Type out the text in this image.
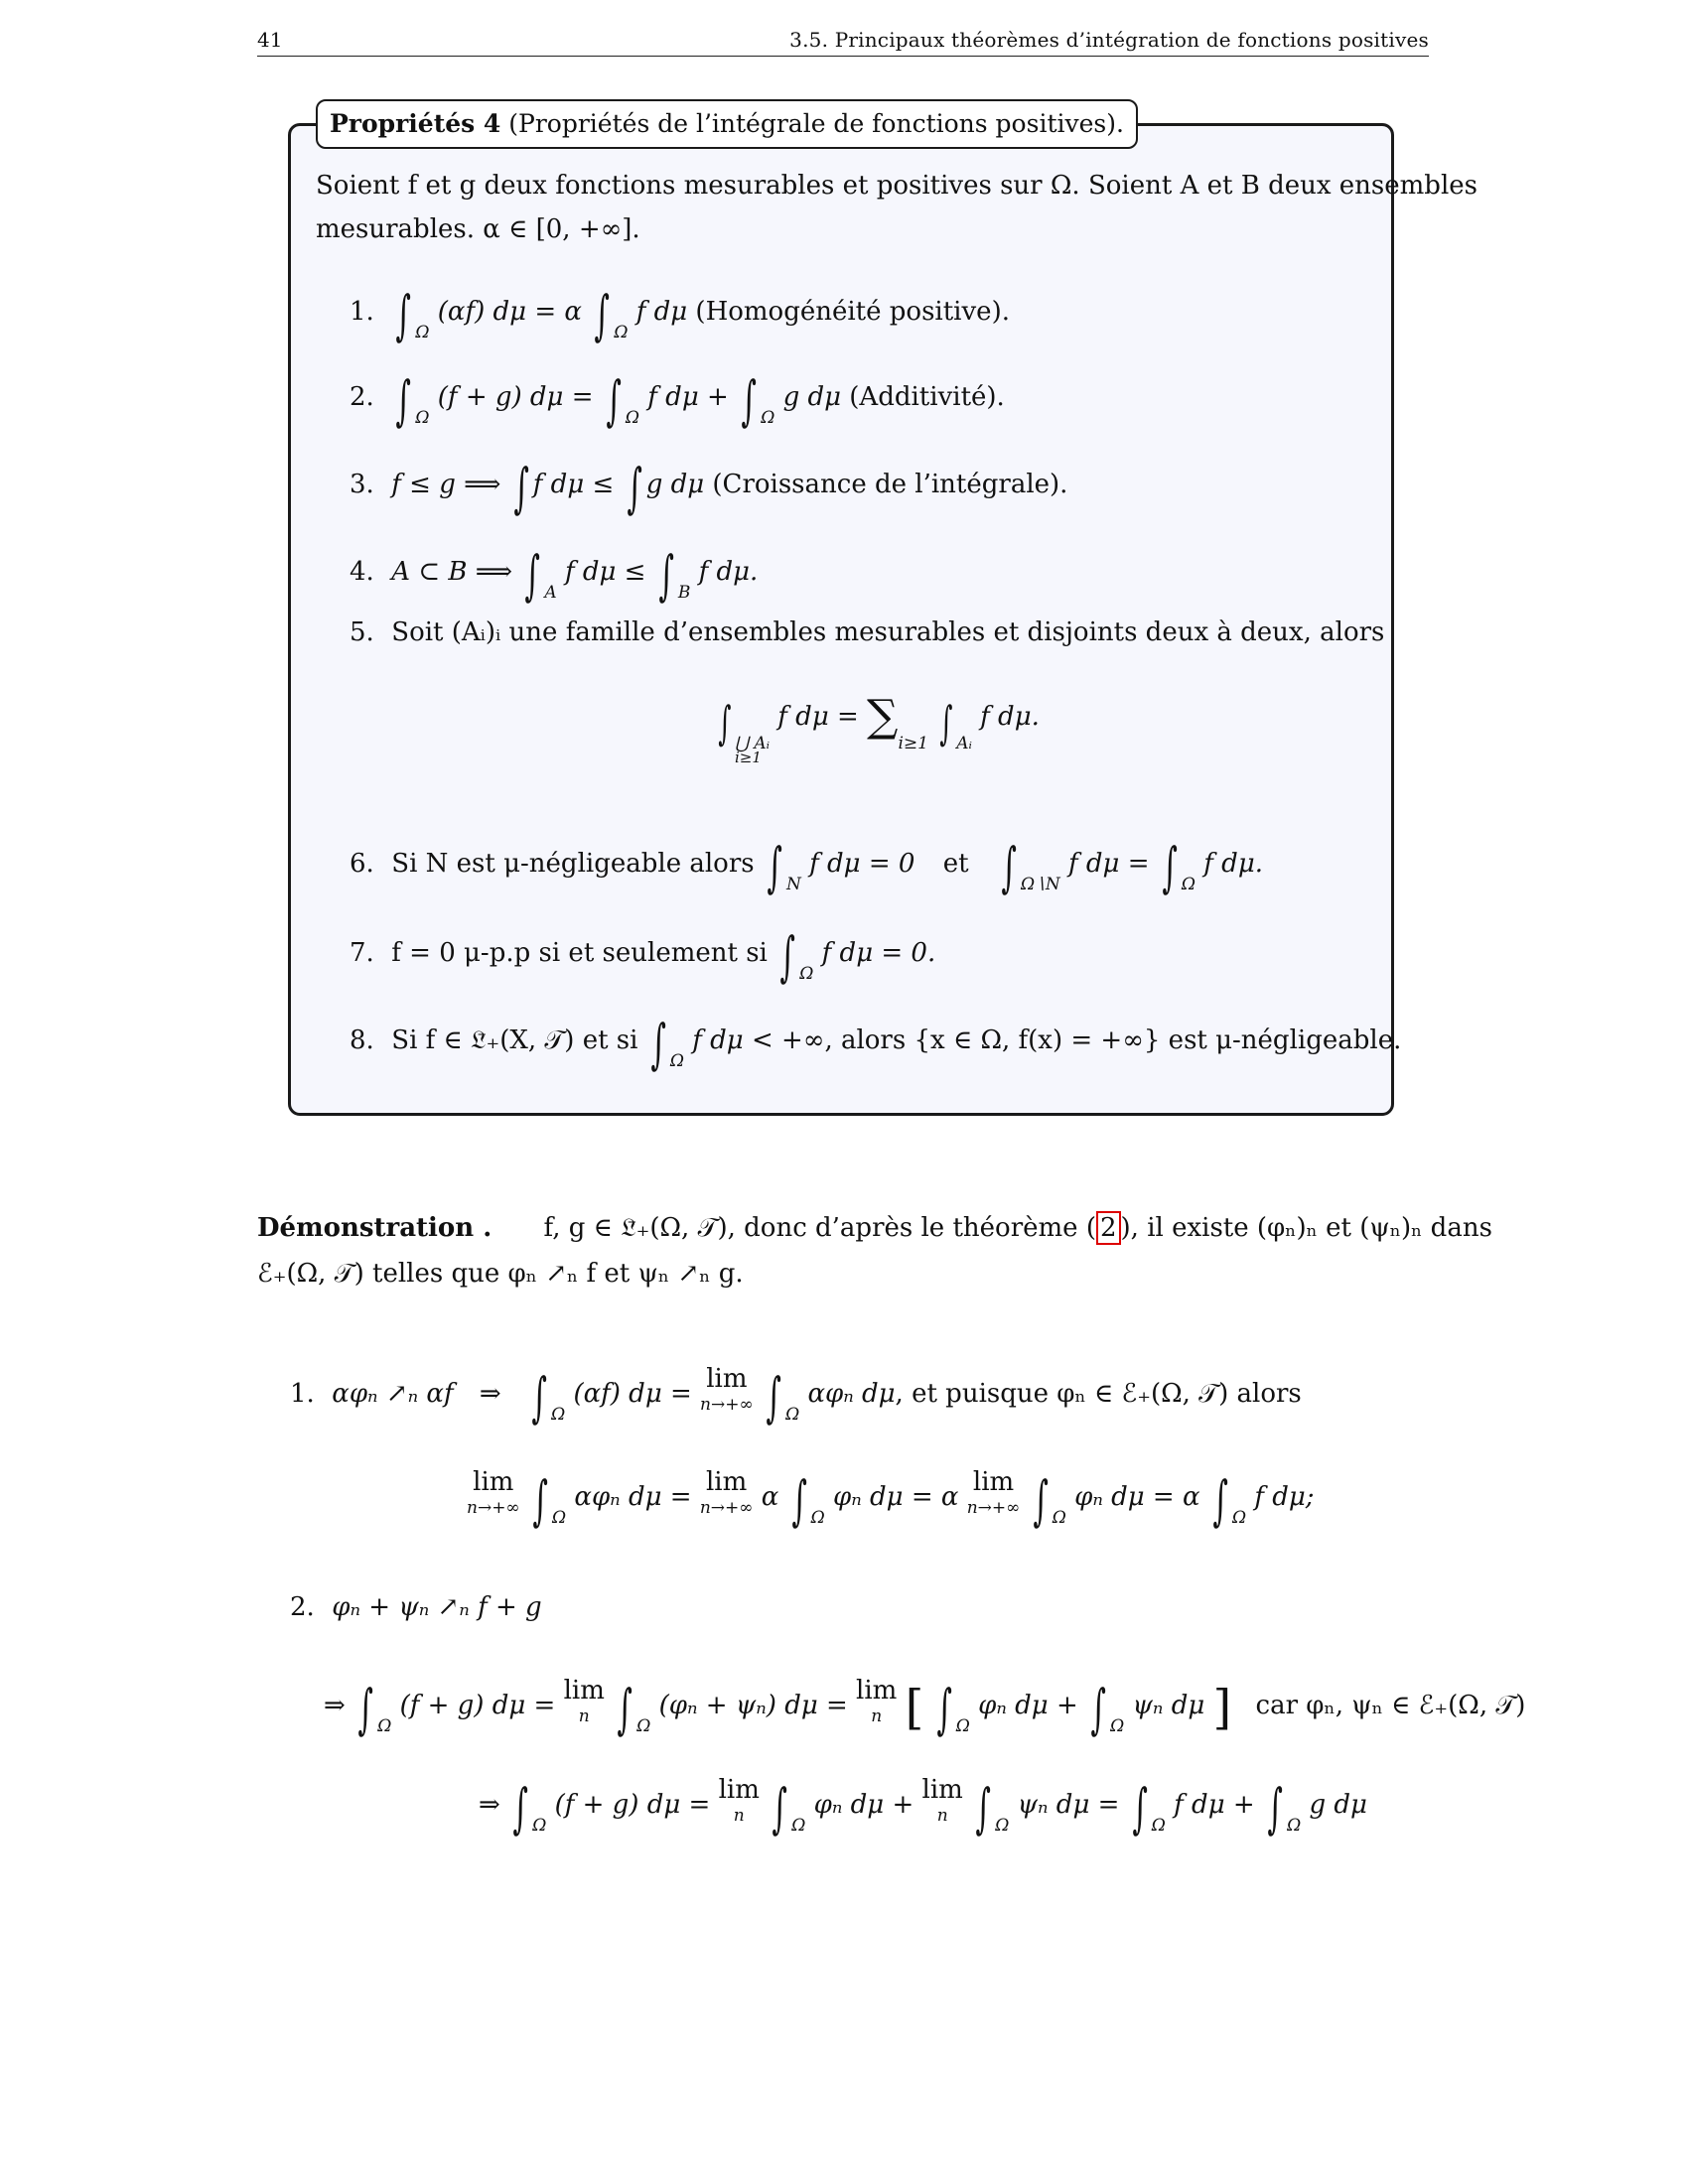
41	3.5. Principaux théorèmes d’intégration de fonctions positives
Propriétés 4 (Propriétés de l’intégrale de fonctions positives).
Soient f et g deux fonctions mesurables et positives sur Ω. Soient A et B deux ensembles
mesurables. α ∈ [0, +∞].
1. ∫ $_\Omega$ (αf) dμ = α ∫ $_\Omega$ f dμ (Homogénéité positive).
2. ∫ $_\Omega$ (f + g) dμ = ∫ $_\Omega$ f dμ + ∫ $_\Omega$ g dμ (Additivité).
3. f ≤ g ⟹ ∫ f dμ ≤ ∫ g dμ (Croissance de l’intégrale).
4. A ⊂ B ⟹ ∫ $_A$ f dμ ≤ ∫ $_B$ f dμ.
5. Soit (Aᵢ)ᵢ une famille d’ensembles mesurables et disjoints deux à deux, alors
∫ $_{⋃ Aᵢ}$ f $d\mu = \sum_{i\ge 1}$ ∫ $_{Aᵢ}$ f dμ.
i≥1
6. Si N est μ-négligeable alors ∫ $_N$ f dμ = 0 et ∫ $_{\Omega∖N}$ f dμ = ∫ $_\Omega$ f dμ.
7. f = 0 μ-p.p si et seulement si ∫ $_\Omega$ f dμ = 0.
8. Si f ∈ 𝔏̄₊(X, 𝒯) et si ∫ $_\Omega$ f dμ < +∞, alors {x ∈ Ω, f(x) = +∞} est μ-négligeable.
Démonstration . f, g ∈ 𝔏̄₊(Ω, 𝒯), donc d’après le théorème ( 2 ), il existe (φₙ)ₙ et (ψₙ)ₙ dans
ℰ₊(Ω, 𝒯) telles que φₙ ↗ₙ f et ψₙ ↗ₙ g.
1. αφₙ ↗ₙ αf ⇒ ∫ $_\Omega$ (αf) dμ = lim
n→+∞ ∫ $_\Omega$ αφₙ dμ, et puisque φₙ ∈ ℰ₊(Ω, 𝒯) alors
lim
n→+∞ ∫ $_\Omega$ αφₙ dμ = lim
n→+∞ α ∫ $_\Omega$ φₙ dμ = α lim
n→+∞ ∫ $_\Omega$ φₙ dμ = α ∫ $_\Omega$ f dμ;
2. φₙ + ψₙ ↗ₙ f + g
⇒ ∫ $_\Omega$ (f + g) dμ = lim
n ∫ $_\Omega$ (φₙ + ψₙ) dμ = lim
n [ ∫ $_\Omega$ φₙ dμ + ∫ $_\Omega$ ψₙ dμ ] car φₙ, ψₙ ∈ ℰ₊(Ω, 𝒯)
⇒ ∫ $_\Omega$ (f + g) dμ = lim
n ∫ $_\Omega$ φₙ dμ + lim
n ∫ $_\Omega$ ψₙ dμ = ∫ $_\Omega$ f dμ + ∫ $_\Omega$ g dμ
